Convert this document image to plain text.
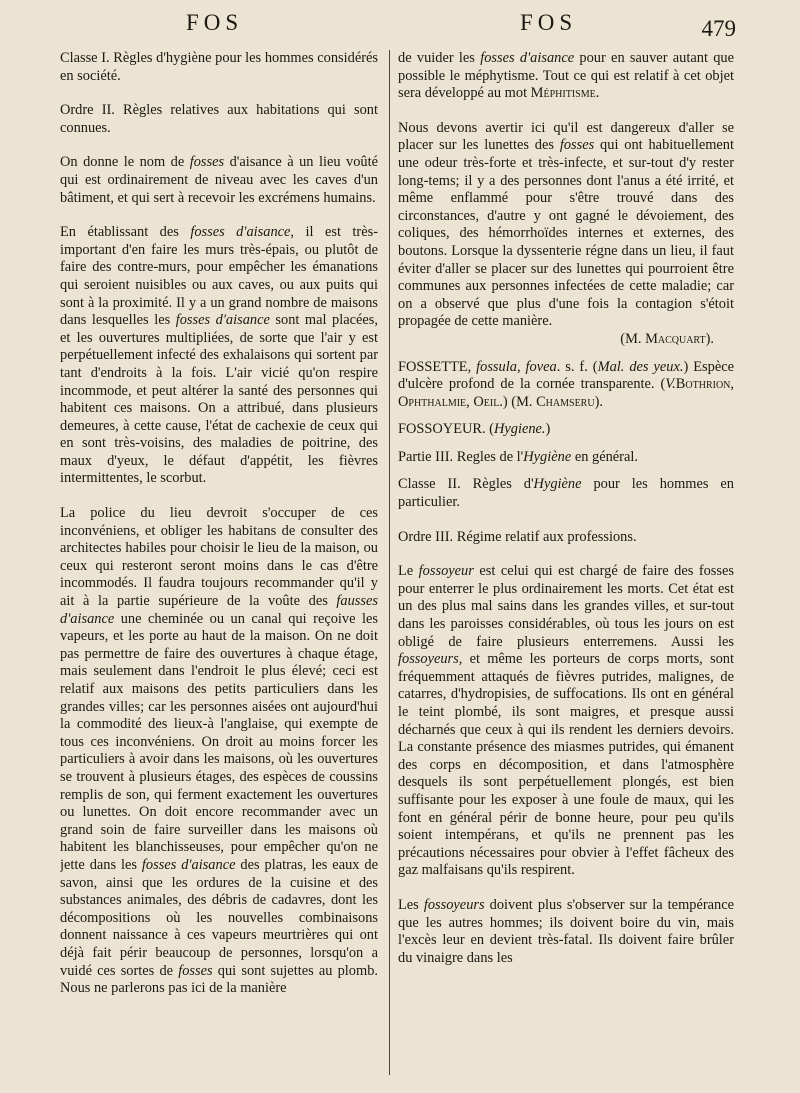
FOS	FOS	479

Classe I. Règles d'hygiène pour les hommes considérés en société.

Ordre II. Règles relatives aux habitations qui sont connues.

On donne le nom de fosses d'aisance à un lieu voûté qui est ordinairement de niveau avec les caves d'un bâtiment, et qui sert à recevoir les excrémens humains.

En établissant des fosses d'aisance, il est très-important d'en faire les murs très-épais, ou plutôt de faire des contre-murs, pour empêcher les émanations qui seroient nuisibles ou aux caves, ou aux puits qui sont à la proximité. Il y a un grand nombre de maisons dans lesquelles les fosses d'aisance sont mal placées, et les ouvertures multipliées, de sorte que l'air y est perpétuellement infecté des exhalaisons qui sortent par tant d'endroits à la fois. L'air vicié qu'on respire incommode, et peut altérer la santé des personnes qui habitent ces maisons. On a attribué, dans plusieurs demeures, à cette cause, l'état de cachexie de ceux qui en sont très-voisins, des maladies de poitrine, des maux d'yeux, le défaut d'appétit, les fièvres intermittentes, le scorbut.

La police du lieu devroit s'occuper de ces inconvéniens, et obliger les habitans de consulter des architectes habiles pour choisir le lieu de la maison, ou ceux qui resteront seront moins dans le cas d'être incommodés. Il faudra toujours recommander qu'il y ait à la partie supérieure de la voûte des fausses d'aisance une cheminée ou un canal qui reçoive les vapeurs, et les porte au haut de la maison. On ne doit pas permettre de faire des ouvertures à chaque étage, mais seulement dans l'endroit le plus élevé; ceci est relatif aux maisons des petits particuliers dans les grandes villes; car les personnes aisées ont aujourd'hui la commodité des lieux-à l'anglaise, qui exempte de tous ces inconvéniens. On droit au moins forcer les particuliers à avoir dans les maisons, où les ouvertures se trouvent à plusieurs étages, des espèces de coussins remplis de son, qui ferment exactement les ouvertures ou lunettes. On doit encore recommander avec un grand soin de faire surveiller dans les maisons où habitent les blanchisseuses, pour empêcher qu'on ne jette dans les fosses d'aisance des platras, les eaux de savon, ainsi que les ordures de la cuisine et des substances animales, des débris de cadavres, dont les décompositions où les nouvelles combinaisons donnent naissance à ces vapeurs meurtrières qui ont déjà fait périr beaucoup de personnes, lorsqu'on a vuidé ces sortes de fosses qui sont sujettes au plomb. Nous ne parlerons pas ici de la manière

de vuider les fosses d'aisance pour en sauver autant que possible le méphytisme. Tout ce qui est relatif à cet objet sera développé au mot Méphitisme.

Nous devons avertir ici qu'il est dangereux d'aller se placer sur les lunettes des fosses qui ont habituellement une odeur très-forte et très-infecte, et sur-tout d'y rester long-tems; il y a des personnes dont l'anus a été irrité, et même enflammé pour s'être trouvé dans des circonstances, d'autre y ont gagné le dévoiement, des coliques, des hémorrhoïdes internes et externes, des boutons. Lorsque la dyssenterie régne dans un lieu, il faut éviter d'aller se placer sur des lunettes qui pourroient être communes aux personnes infectées de cette maladie; car on a observé que plus d'une fois la contagion s'étoit propagée de cette manière.

(M. Macquart).

FOSSETTE, fossula, fovea. s. f. (Mal. des yeux.) Espèce d'ulcère profond de la cornée transparente. (V.Bothrion, Ophthalmie, Oeil.) (M. Chamseru).

FOSSOYEUR. (Hygiene.)

Partie III. Regles de l'Hygiène en général.

Classe II. Règles d'Hygiène pour les hommes en particulier.

Ordre III. Régime relatif aux professions.

Le fossoyeur est celui qui est chargé de faire des fosses pour enterrer le plus ordinairement les morts. Cet état est un des plus mal sains dans les grandes villes, et sur-tout dans les paroisses considérables, où tous les jours on est obligé de faire plusieurs enterremens. Aussi les fossoyeurs, et même les porteurs de corps morts, sont fréquemment attaqués de fièvres putrides, malignes, de catarres, d'hydropisies, de suffocations. Ils ont en général le teint plombé, ils sont maigres, et presque aussi décharnés que ceux à qui ils rendent les derniers devoirs. La constante présence des miasmes putrides, qui émanent des corps en décomposition, et dans l'atmosphère desquels ils sont perpétuellement plongés, est bien suffisante pour les exposer à une foule de maux, qui les font en général périr de bonne heure, pour peu qu'ils soient intempérans, et qu'ils ne prennent pas les précautions nécessaires pour obvier à l'effet fâcheux des gaz malfaisans qu'ils respirent.

Les fossoyeurs doivent plus s'observer sur la tempérance que les autres hommes; ils doivent boire du vin, mais l'excès leur en devient très-fatal. Ils doivent faire brûler du vinaigre dans les
